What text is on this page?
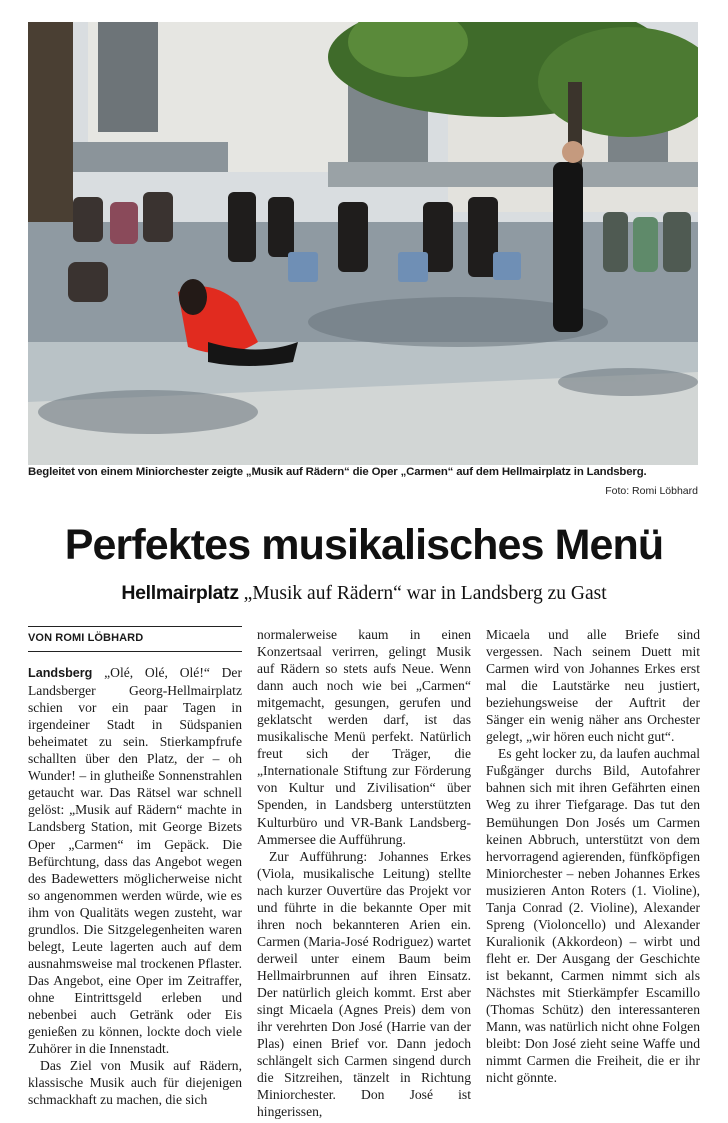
Begleitet von einem Miniorchester zeigte „Musik auf Rädern“ die Oper „Carmen“ auf dem Hellmairplatz in Landsberg.
Foto: Romi Löbhard
Perfektes musikalisches Menü
Hellmairplatz „Musik auf Rädern“ war in Landsberg zu Gast
VON ROMI LÖBHARD

Landsberg „Olé, Olé, Olé!“ Der Landsberger Georg-Hellmairplatz schien vor ein paar Tagen in irgendeiner Stadt in Südspanien beheimatet zu sein. Stierkampfrufe schallten über den Platz, der – oh Wunder! – in glutheiße Sonnenstrahlen getaucht war. Das Rätsel war schnell gelöst: „Musik auf Rädern“ machte in Landsberg Station, mit George Bizets Oper „Carmen“ im Gepäck. Die Befürchtung, dass das Angebot wegen des Badewetters möglicherweise nicht so angenommen werden würde, wie es ihm von Qualitäts wegen zusteht, war grundlos. Die Sitzgelegenheiten waren belegt, Leute lagerten auch auf dem ausnahmsweise mal trockenen Pflaster. Das Angebot, eine Oper im Zeitraffer, ohne Eintrittsgeld erleben und nebenbei auch Getränk oder Eis genießen zu können, lockte doch viele Zuhörer in die Innenstadt.

Das Ziel von Musik auf Rädern, klassische Musik auch für diejenigen schmackhaft zu machen, die sich

normalerweise kaum in einen Konzertsaal verirren, gelingt Musik auf Rädern so stets aufs Neue. Wenn dann auch noch wie bei „Carmen“ mitgemacht, gesungen, gerufen und geklatscht werden darf, ist das musikalische Menü perfekt. Natürlich freut sich der Träger, die „Internationale Stiftung zur Förderung von Kultur und Zivilisation“ über Spenden, in Landsberg unterstützten Kulturbüro und VR-Bank Landsberg-Ammersee die Aufführung.

Zur Aufführung: Johannes Erkes (Viola, musikalische Leitung) stellte nach kurzer Ouvertüre das Projekt vor und führte in die bekannte Oper mit ihren noch bekannteren Arien ein. Carmen (Maria-José Rodriguez) wartet derweil unter einem Baum beim Hellmairbrunnen auf ihren Einsatz. Der natürlich gleich kommt. Erst aber singt Micaela (Agnes Preis) dem von ihr verehrten Don José (Harrie van der Plas) einen Brief vor. Dann jedoch schlängelt sich Carmen singend durch die Sitzreihen, tänzelt in Richtung Miniorchester. Don José ist hingerissen,

Micaela und alle Briefe sind vergessen. Nach seinem Duett mit Carmen wird von Johannes Erkes erst mal die Lautstärke neu justiert, beziehungsweise der Auftrit der Sänger ein wenig näher ans Orchester gelegt, „wir hören euch nicht gut“.

Es geht locker zu, da laufen auchmal Fußgänger durchs Bild, Autofahrer bahnen sich mit ihren Gefährten einen Weg zu ihrer Tiefgarage. Das tut den Bemühungen Don Josés um Carmen keinen Abbruch, unterstützt von dem hervorragend agierenden, fünfköpfigen Miniorchester – neben Johannes Erkes musizieren Anton Roters (1. Violine), Tanja Conrad (2. Violine), Alexander Spreng (Violoncello) und Alexander Kuralionik (Akkordeon) – wirbt und fleht er. Der Ausgang der Geschichte ist bekannt, Carmen nimmt sich als Nächstes mit Stierkämpfer Escamillo (Thomas Schütz) den interessanteren Mann, was natürlich nicht ohne Folgen bleibt: Don José zieht seine Waffe und nimmt Carmen die Freiheit, die er ihr nicht gönnte.
